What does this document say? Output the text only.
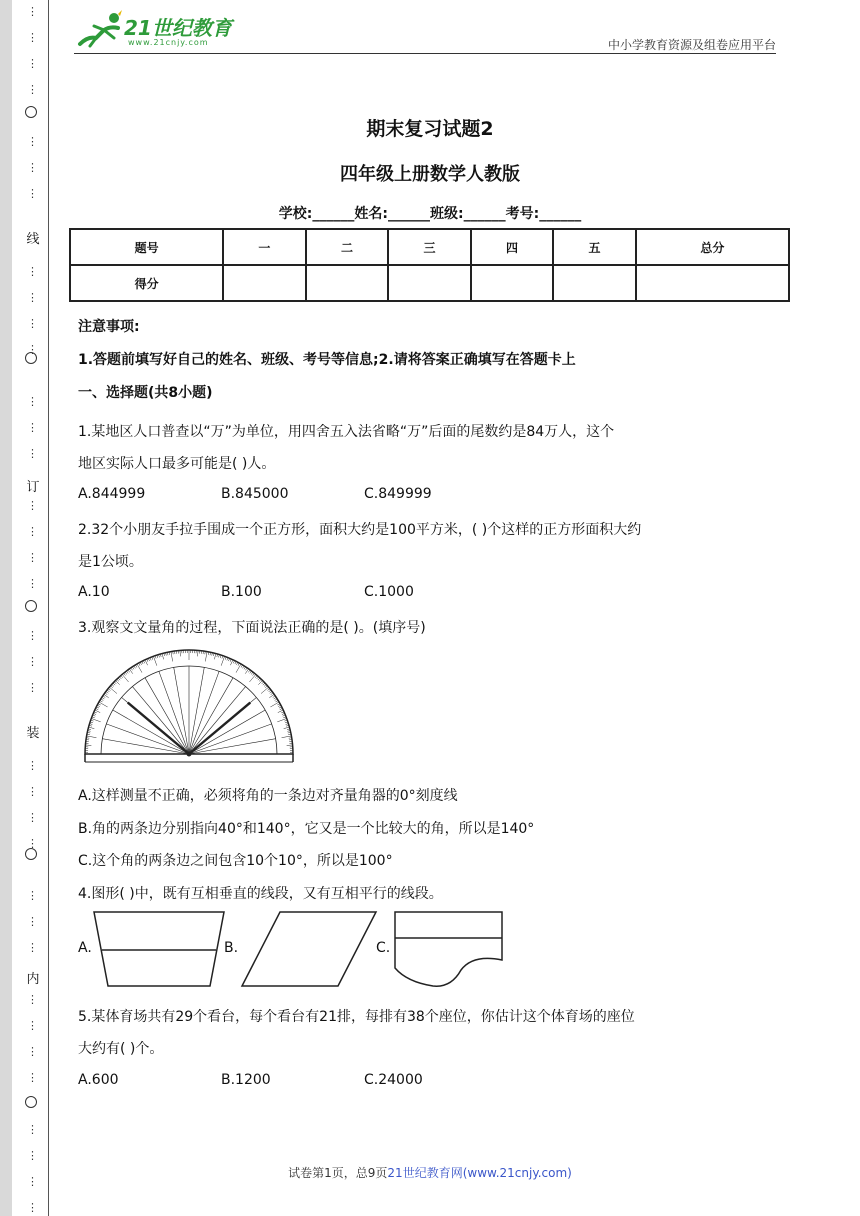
⋮
⋮
⋮
⋮
⋮
⋮
⋮
⋮
⋮
⋮
⋮
⋮
⋮
⋮
⋮
⋮
⋮
⋮
⋮
⋮
⋮
⋮
⋮
⋮
⋮
⋮
⋮
⋮
⋮
⋮
⋮
⋮
⋮
⋮
⋮
⋮
线
订
装
内
21世纪教育
www.21cnjy.com	中小学教育资源及组卷应用平台
期末复习试题2
四年级上册数学人教版
学校:______姓名:______班级:______考号:______
题号	一	二	三	四	五	总分
得分						
注意事项:
1.答题前填写好自己的姓名、班级、考号等信息;2.请将答案正确填写在答题卡上
一、选择题(共8小题)
1.某地区人口普查以“万”为单位，用四舍五入法省略“万”后面的尾数约是84万人，这个
地区实际人口最多可能是( )人。
A.844999	B.845000	C.849999
2.32个小朋友手拉手围成一个正方形，面积大约是100平方米，( )个这样的正方形面积大约
是1公顷。
A.10	B.100	C.1000
3.观察文文量角的过程，下面说法正确的是( )。(填序号)
A.这样测量不正确，必须将角的一条边对齐量角器的0°刻度线
B.角的两条边分别指向40°和140°，它又是一个比较大的角，所以是140°
C.这个角的两条边之间包含10个10°，所以是100°
4.图形( )中，既有互相垂直的线段，又有互相平行的线段。
A.	B.	C.
5.某体育场共有29个看台，每个看台有21排，每排有38个座位，你估计这个体育场的座位
大约有( )个。
A.600	B.1200	C.24000
试卷第1页，总9页21世纪教育网(www.21cnjy.com)
